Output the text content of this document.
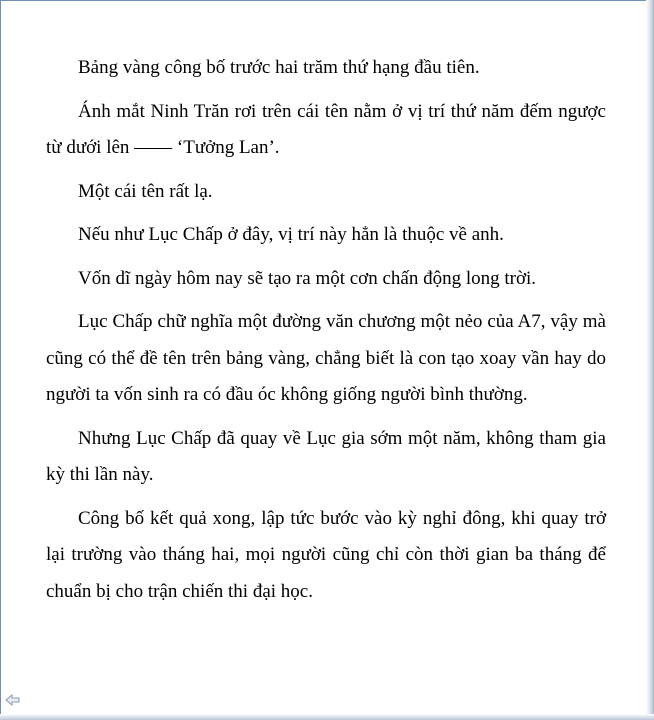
Bảng vàng công bố trước hai trăm thứ hạng đầu tiên.

Ánh mắt Ninh Trăn rơi trên cái tên nằm ở vị trí thứ năm đếm ngược từ dưới lên —— ‘Tưởng Lan’.

Một cái tên rất lạ.

Nếu như Lục Chấp ở đây, vị trí này hẳn là thuộc về anh.

Vốn dĩ ngày hôm nay sẽ tạo ra một cơn chấn động long trời.

Lục Chấp chữ nghĩa một đường văn chương một nẻo của A7, vậy mà cũng có thể đề tên trên bảng vàng, chẳng biết là con tạo xoay vần hay do người ta vốn sinh ra có đầu óc không giống người bình thường.

Nhưng Lục Chấp đã quay về Lục gia sớm một năm, không tham gia kỳ thi lần này.

Công bố kết quả xong, lập tức bước vào kỳ nghỉ đông, khi quay trở lại trường vào tháng hai, mọi người cũng chỉ còn thời gian ba tháng để chuẩn bị cho trận chiến thi đại học.
